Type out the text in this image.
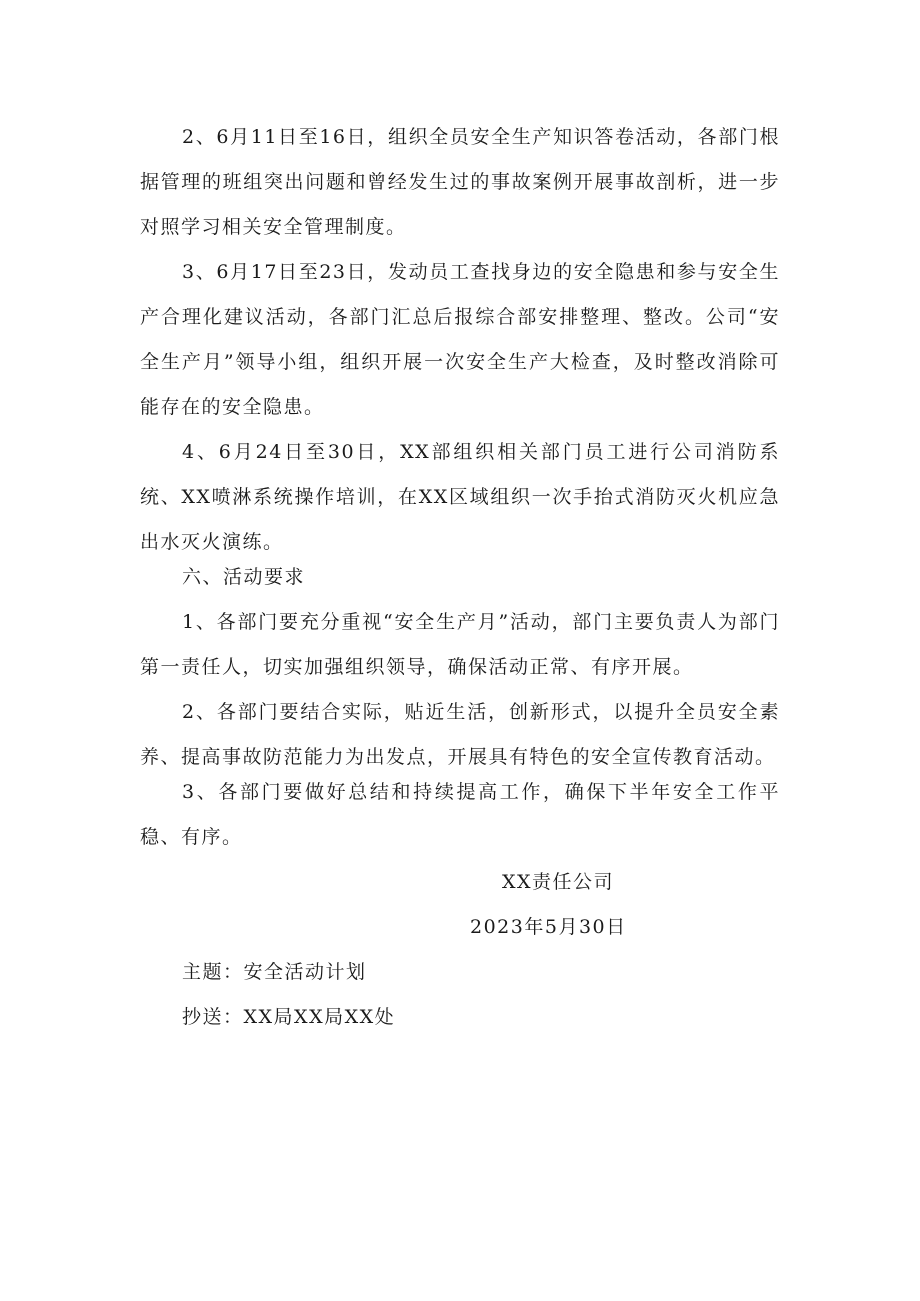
2、6月11日至16日，组织全员安全生产知识答卷活动，各部门根据管理的班组突出问题和曾经发生过的事故案例开展事故剖析，进一步对照学习相关安全管理制度。

3、6月17日至23日，发动员工查找身边的安全隐患和参与安全生产合理化建议活动，各部门汇总后报综合部安排整理、整改。公司“安全生产月”领导小组，组织开展一次安全生产大检查，及时整改消除可能存在的安全隐患。

4、6月24日至30日，XX部组织相关部门员工进行公司消防系统、XX喷淋系统操作培训，在XX区域组织一次手抬式消防灭火机应急出水灭火演练。

六、活动要求

1、各部门要充分重视“安全生产月”活动，部门主要负责人为部门第一责任人，切实加强组织领导，确保活动正常、有序开展。

2、各部门要结合实际，贴近生活，创新形式，以提升全员安全素养、提高事故防范能力为出发点，开展具有特色的安全宣传教育活动。

3、各部门要做好总结和持续提高工作，确保下半年安全工作平稳、有序。

XX责任公司

2023年5月30日

主题：安全活动计划

抄送：XX局XX局XX处
